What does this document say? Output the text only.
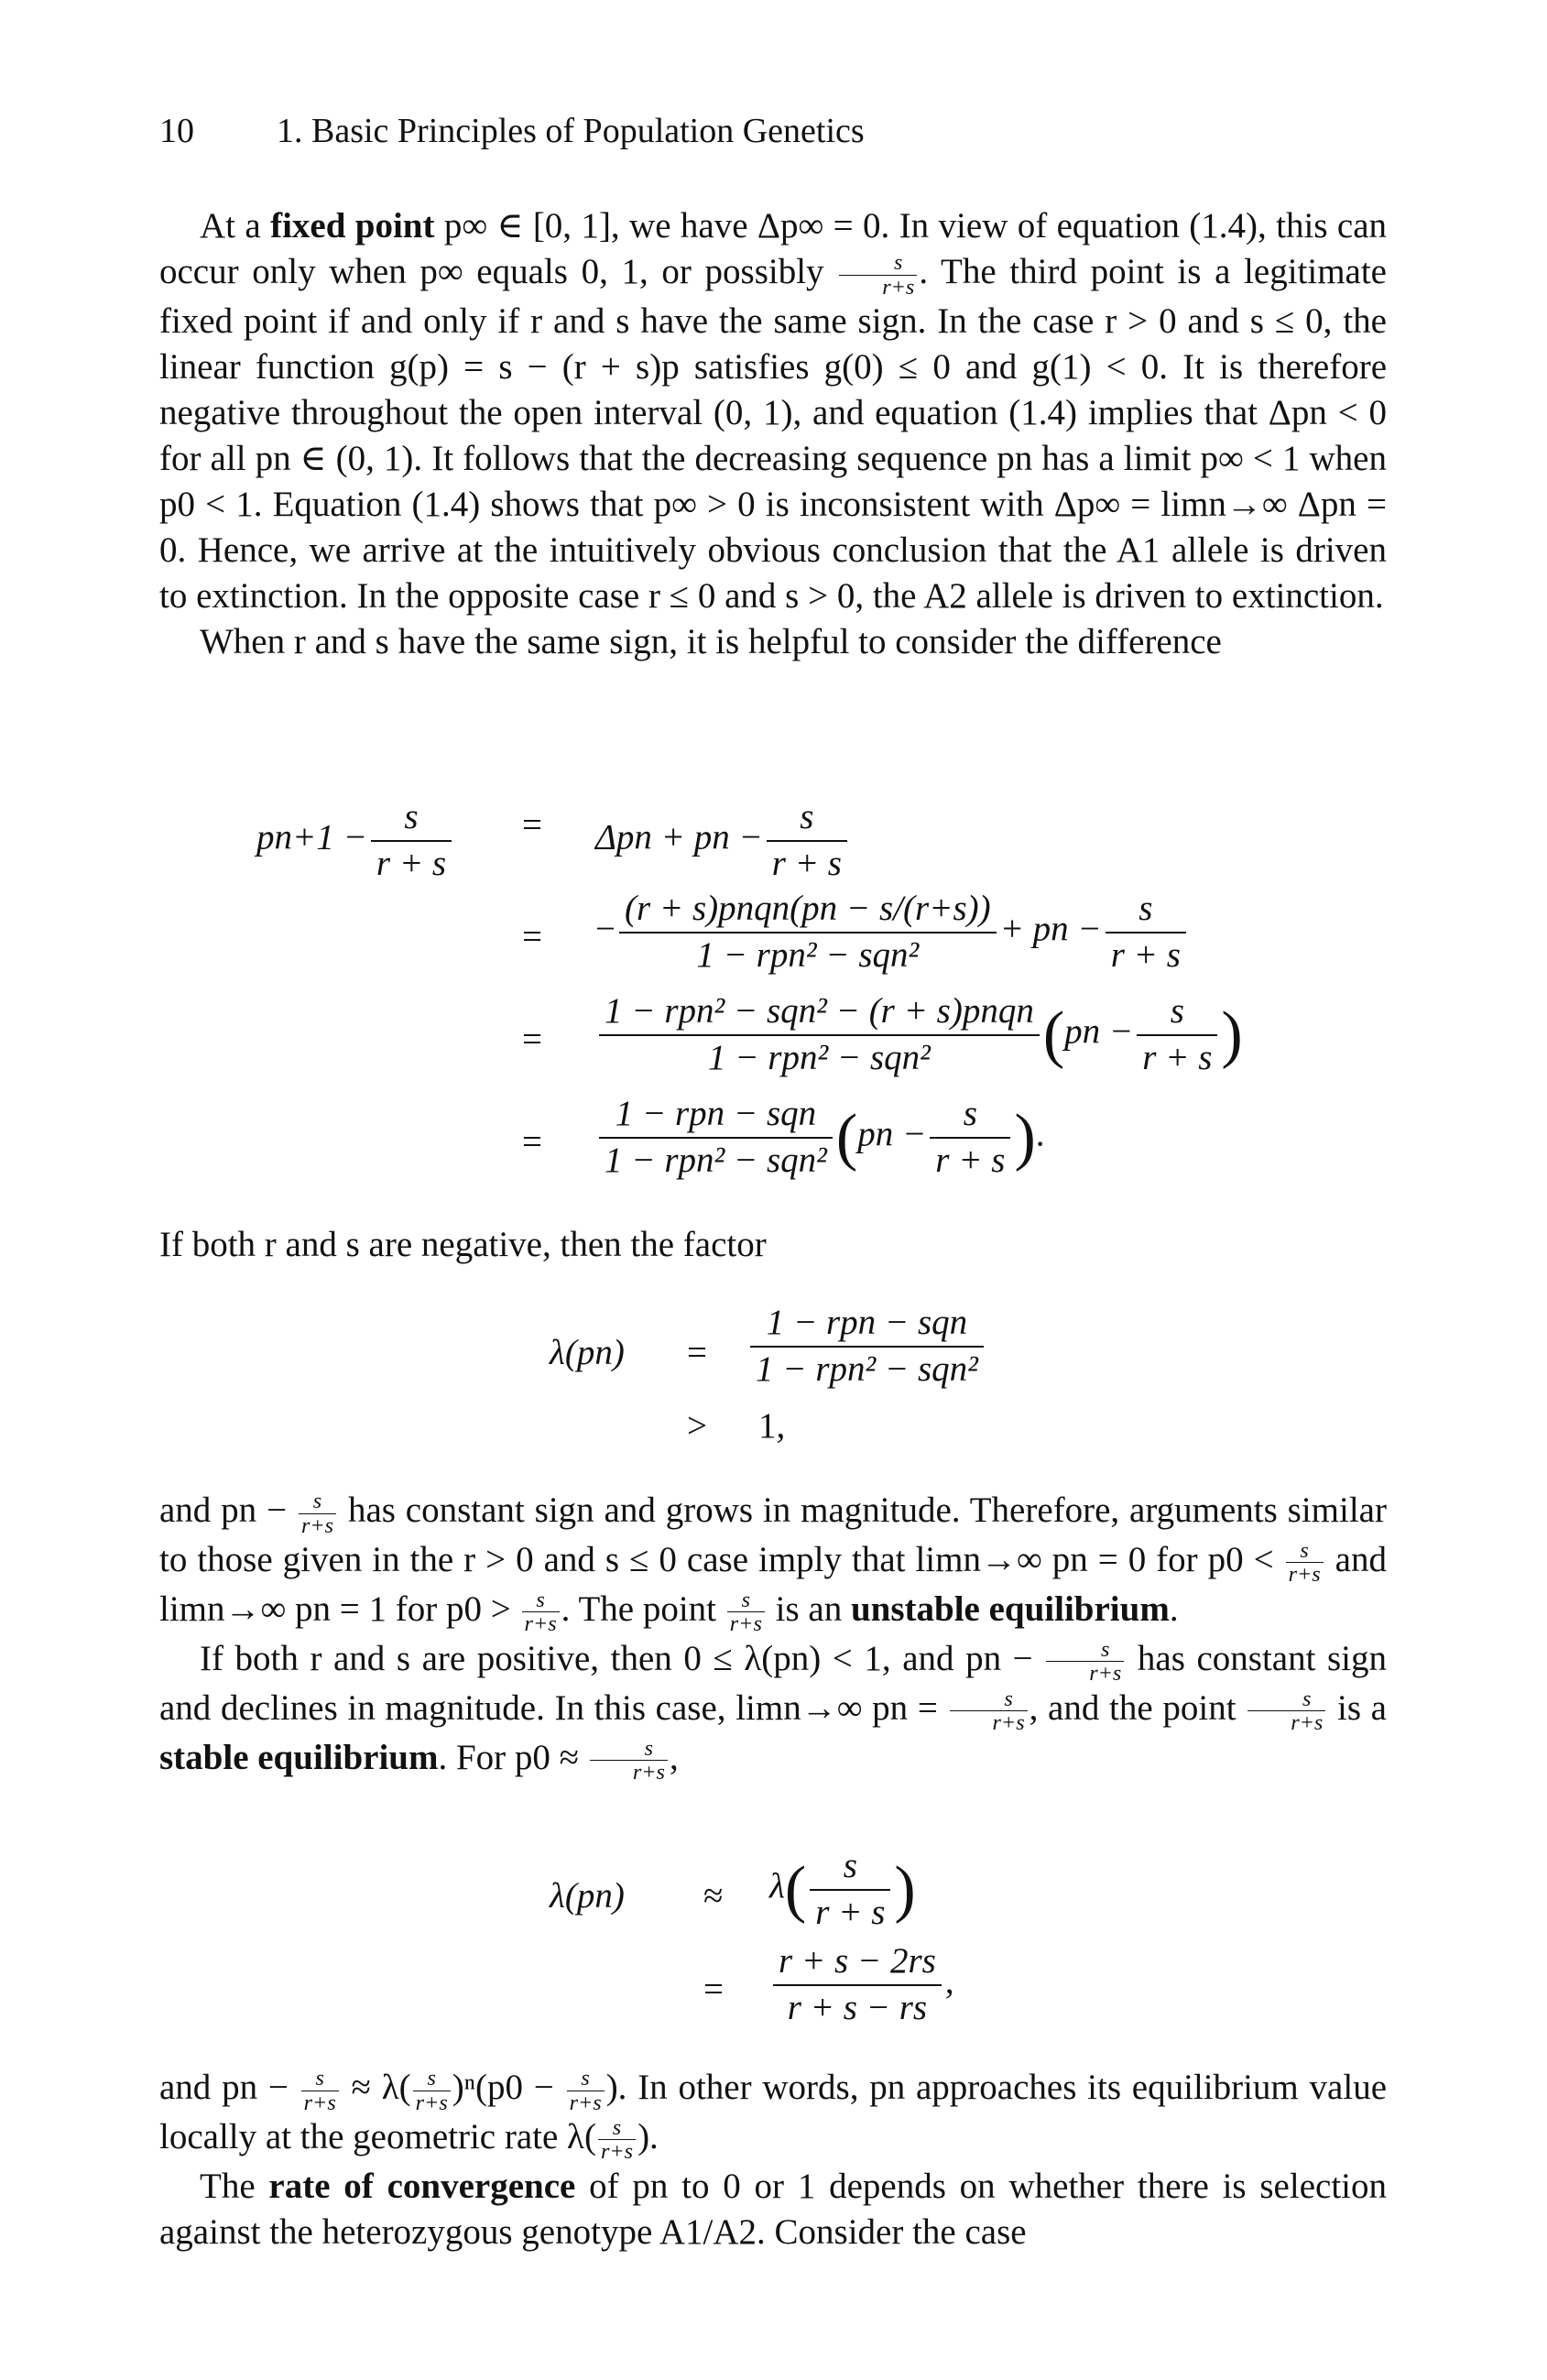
10 1. Basic Principles of Population Genetics

At a fixed point p∞ ∈ [0, 1], we have Δp∞ = 0. In view of equation (1.4), this can occur only when p∞ equals 0, 1, or possibly $\frac{s}{r+s}$ . The third point is a legitimate fixed point if and only if r and s have the same sign. In the case r > 0 and s ≤ 0, the linear function g(p) = s − (r + s)p satisfies g(0) ≤ 0 and g(1) < 0. It is therefore negative throughout the open interval (0, 1), and equation (1.4) implies that Δpn < 0 for all pn ∈ (0, 1). It follows that the decreasing sequence pn has a limit p∞ < 1 when p0 < 1. Equation (1.4) shows that p∞ > 0 is inconsistent with Δp∞ = limn→∞ Δpn = 0. Hence, we arrive at the intuitively obvious conclusion that the A1 allele is driven to extinction. In the opposite case r ≤ 0 and s > 0, the A2 allele is driven to extinction.

When r and s have the same sign, it is helpful to consider the difference

$pn+1 - \frac{s}{r + s} = \Delta pn$ + pn − $\frac{s}{r + s}$
= −
(r + s)pnqn(pn − s/(r+s))
1 − rpn² − sqn²
+ pn − $\frac{s}{r + s}$
=
1 − rpn² − sqn² − (r + s)pnqn
1 − rpn² − sqn²	($pn - \frac{s}{r + s}$ )
=
1 − rpn − sqn
1 − rpn² − sqn² ($pn - \frac{s}{r + s}$ ).

If both r and s are negative, then the factor

λ(pn) =
1 − rpn − sqn
1 − rpn² − sqn²
> 1,

and pn − $\frac{s}{r+s}$ has constant sign and grows in magnitude. Therefore, arguments similar to those given in the r > 0 and s ≤ 0 case imply that limn→∞ pn = 0 for $p0 < \frac{s}{r+s}$ and limn→∞ pn = 1 for $p0 > \frac{s}{r+s}$ . The point $\frac{s}{r+s}$ is an unstable equilibrium.

If both r and s are positive, then 0 ≤ λ(pn) < 1, and pn − $\frac{s}{r+s}$ has constant sign and declines in magnitude. In this case, limn→∞ pn = $\frac{s}{r+s}$ , and the point $\frac{s}{r+s}$ is a stable equilibrium. For $p0 \approx \frac{s}{r+s}$ ,

$\lambda(pn) \approx \lambda( \frac{s}{r + s}$ )
= $\frac{r + s - 2rs}{r + s - rs}$ ,

and pn − $\frac{s}{r+s} \approx \lambda( \frac{s}{r+s} )^n(p0 - \frac{s}{r+s}$ ). In other words, pn approaches its equilibrium value locally at the geometric rate $\lambda( \frac{s}{r+s}$ ).

The rate of convergence of pn to 0 or 1 depends on whether there is selection against the heterozygous genotype A1/A2. Consider the case
